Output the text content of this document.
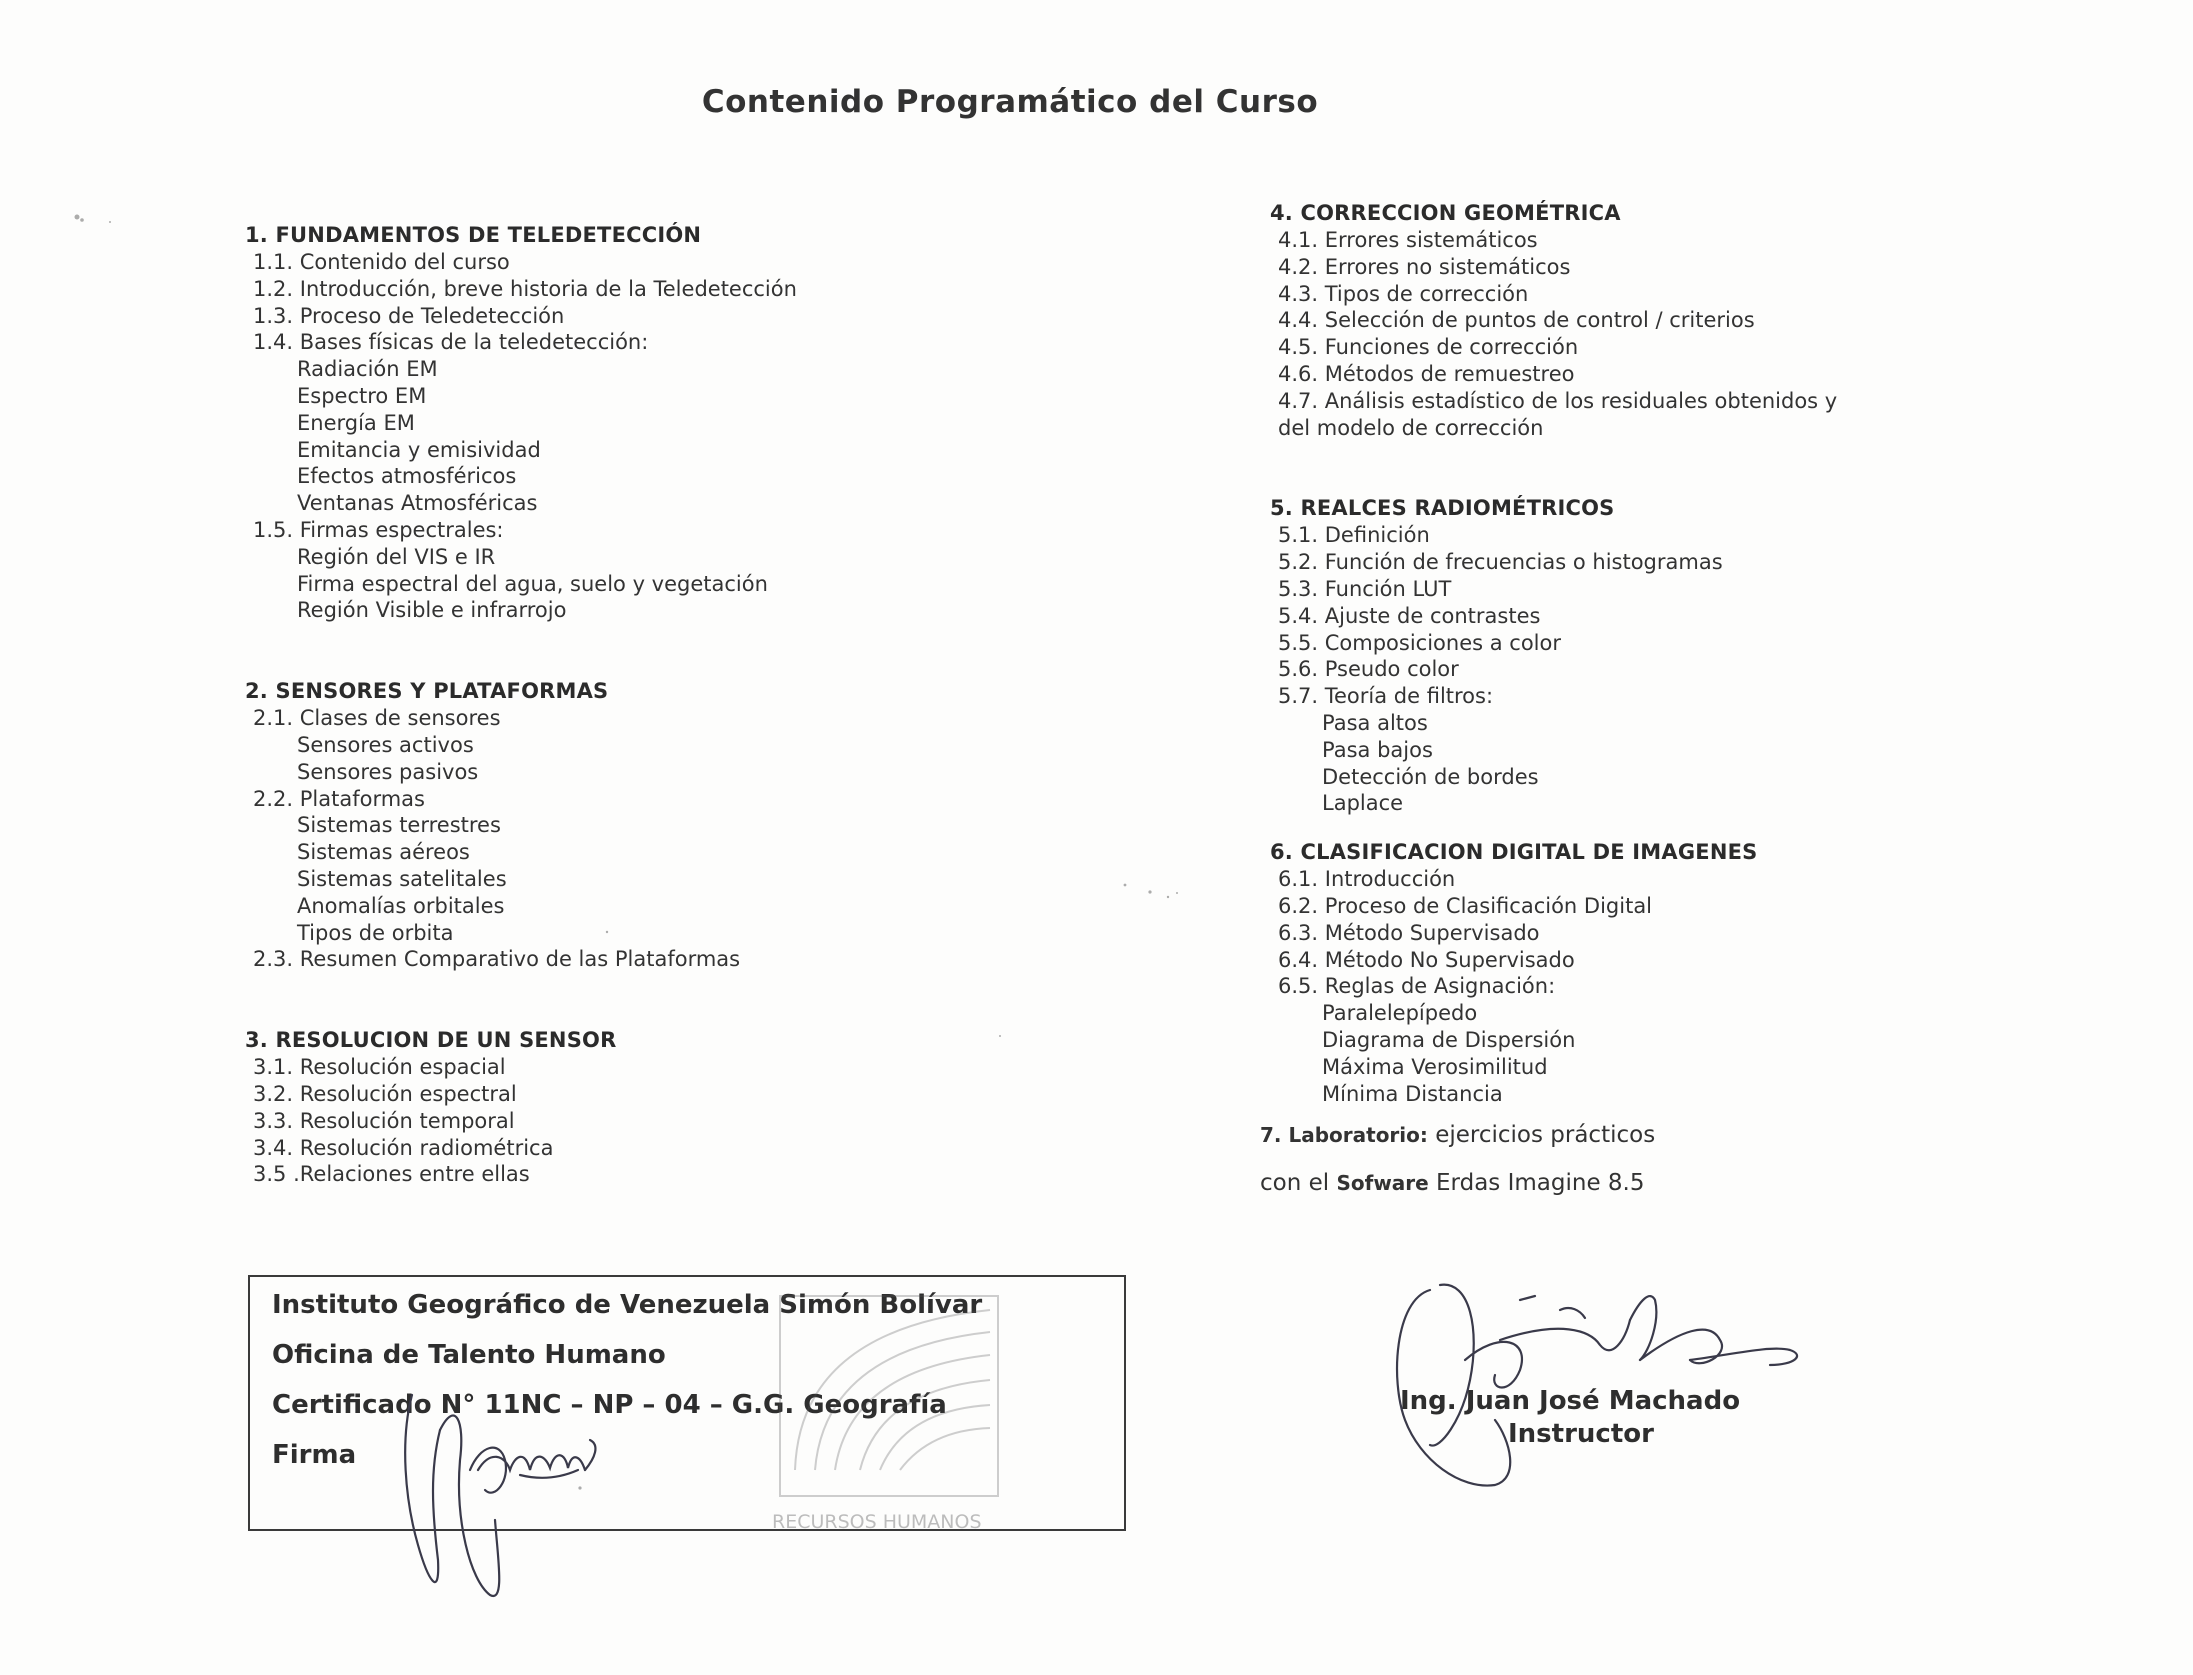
Contenido Programático del Curso
1. FUNDAMENTOS DE TELEDETECCIÓN
1.1. Contenido del curso
1.2. Introducción, breve historia de la Teledetección
1.3. Proceso de Teledetección
1.4. Bases físicas de la teledetección:
Radiación EM
Espectro EM
Energía EM
Emitancia y emisividad
Efectos atmosféricos
Ventanas Atmosféricas
1.5. Firmas espectrales:
Región del VIS e IR
Firma espectral del agua, suelo y vegetación
Región Visible e infrarrojo
2. SENSORES Y PLATAFORMAS
2.1. Clases de sensores
Sensores activos
Sensores pasivos
2.2. Plataformas
Sistemas terrestres
Sistemas aéreos
Sistemas satelitales
Anomalías orbitales
Tipos de orbita
2.3. Resumen Comparativo de las Plataformas
3. RESOLUCION DE UN SENSOR
3.1. Resolución espacial
3.2. Resolución espectral
3.3. Resolución temporal
3.4. Resolución radiométrica
3.5 .Relaciones entre ellas
4. CORRECCION GEOMÉTRICA
4.1. Errores sistemáticos
4.2. Errores no sistemáticos
4.3. Tipos de corrección
4.4. Selección de puntos de control / criterios
4.5. Funciones de corrección
4.6. Métodos de remuestreo
4.7. Análisis estadístico de los residuales obtenidos y
del modelo de corrección
5. REALCES RADIOMÉTRICOS
5.1. Definición
5.2. Función de frecuencias o histogramas
5.3. Función LUT
5.4. Ajuste de contrastes
5.5. Composiciones a color
5.6. Pseudo color
5.7. Teoría de filtros:
Pasa altos
Pasa bajos
Detección de bordes
Laplace
6. CLASIFICACION DIGITAL DE IMAGENES
6.1. Introducción
6.2. Proceso de Clasificación Digital
6.3. Método Supervisado
6.4. Método No Supervisado
6.5. Reglas de Asignación:
Paralelepípedo
Diagrama de Dispersión
Máxima Verosimilitud
Mínima Distancia
7. Laboratorio: ejercicios prácticos
con el Sofware Erdas Imagine 8.5
Instituto Geográfico de Venezuela Simón Bolívar
Oficina de Talento Humano
Certificado N° 11NC – NP – 04 – G.G. Geografía
Firma
RECURSOS HUMANOS
Ing. Juan José Machado
Instructor
